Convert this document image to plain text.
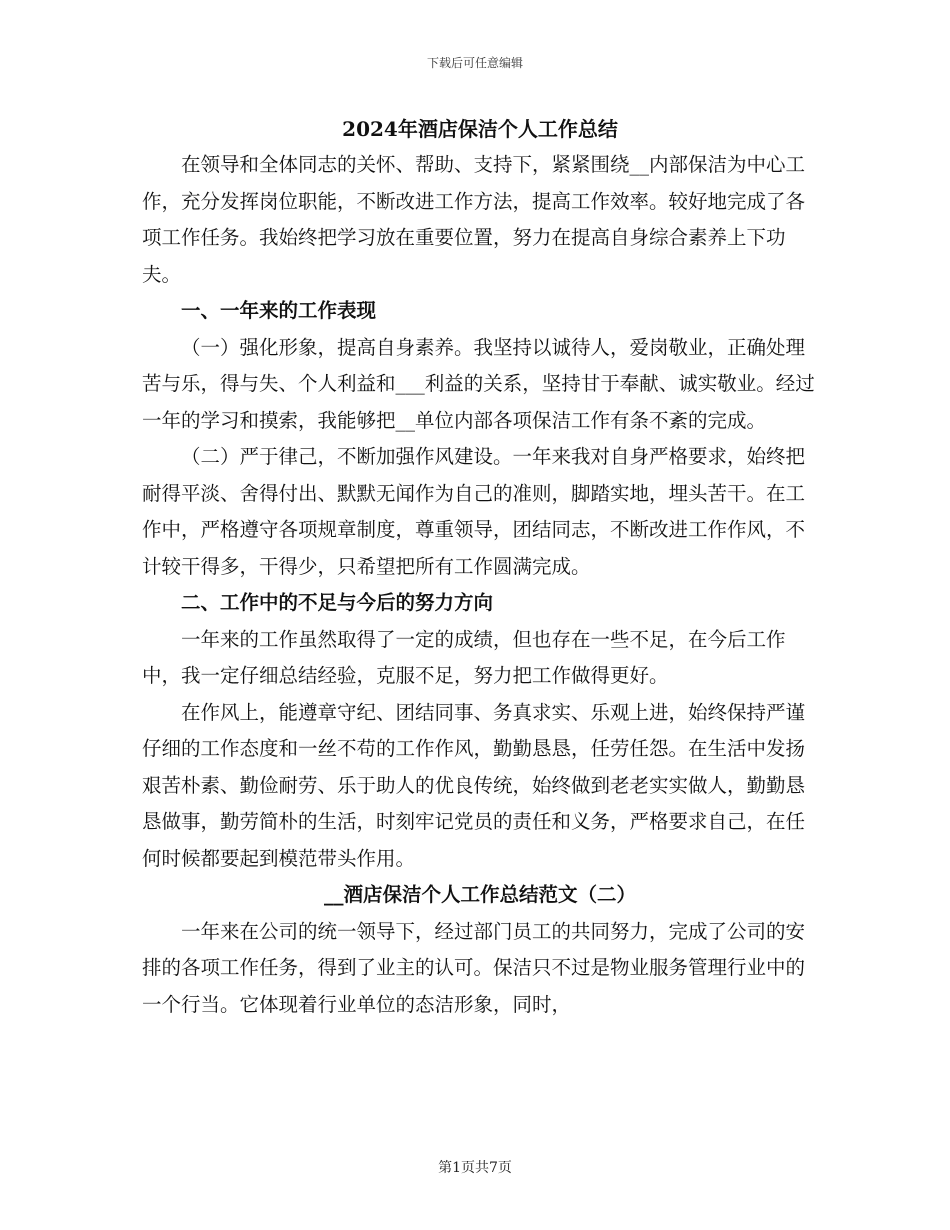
下载后可任意编辑
2024年酒店保洁个人工作总结

在领导和全体同志的关怀、帮助、支持下，紧紧围绕__内部保洁为中心工作，充分发挥岗位职能，不断改进工作方法，提高工作效率。较好地完成了各项工作任务。我始终把学习放在重要位置，努力在提高自身综合素养上下功夫。

一、一年来的工作表现

（一）强化形象，提高自身素养。我坚持以诚待人，爱岗敬业，正确处理苦与乐，得与失、个人利益和___利益的关系，坚持甘于奉献、诚实敬业。经过一年的学习和摸索，我能够把__单位内部各项保洁工作有条不紊的完成。

（二）严于律己，不断加强作风建设。一年来我对自身严格要求，始终把耐得平淡、舍得付出、默默无闻作为自己的准则，脚踏实地，埋头苦干。在工作中，严格遵守各项规章制度，尊重领导，团结同志，不断改进工作作风，不计较干得多，干得少，只希望把所有工作圆满完成。

二、工作中的不足与今后的努力方向

一年来的工作虽然取得了一定的成绩，但也存在一些不足，在今后工作中，我一定仔细总结经验，克服不足，努力把工作做得更好。

在作风上，能遵章守纪、团结同事、务真求实、乐观上进，始终保持严谨仔细的工作态度和一丝不苟的工作作风，勤勤恳恳，任劳任怨。在生活中发扬艰苦朴素、勤俭耐劳、乐于助人的优良传统，始终做到老老实实做人，勤勤恳恳做事，勤劳简朴的生活，时刻牢记党员的责任和义务，严格要求自己，在任何时候都要起到模范带头作用。

__酒店保洁个人工作总结范文（二）

一年来在公司的统一领导下，经过部门员工的共同努力，完成了公司的安排的各项工作任务，得到了业主的认可。保洁只不过是物业服务管理行业中的一个行当。它体现着行业单位的态洁形象，同时，

第1页共7页
